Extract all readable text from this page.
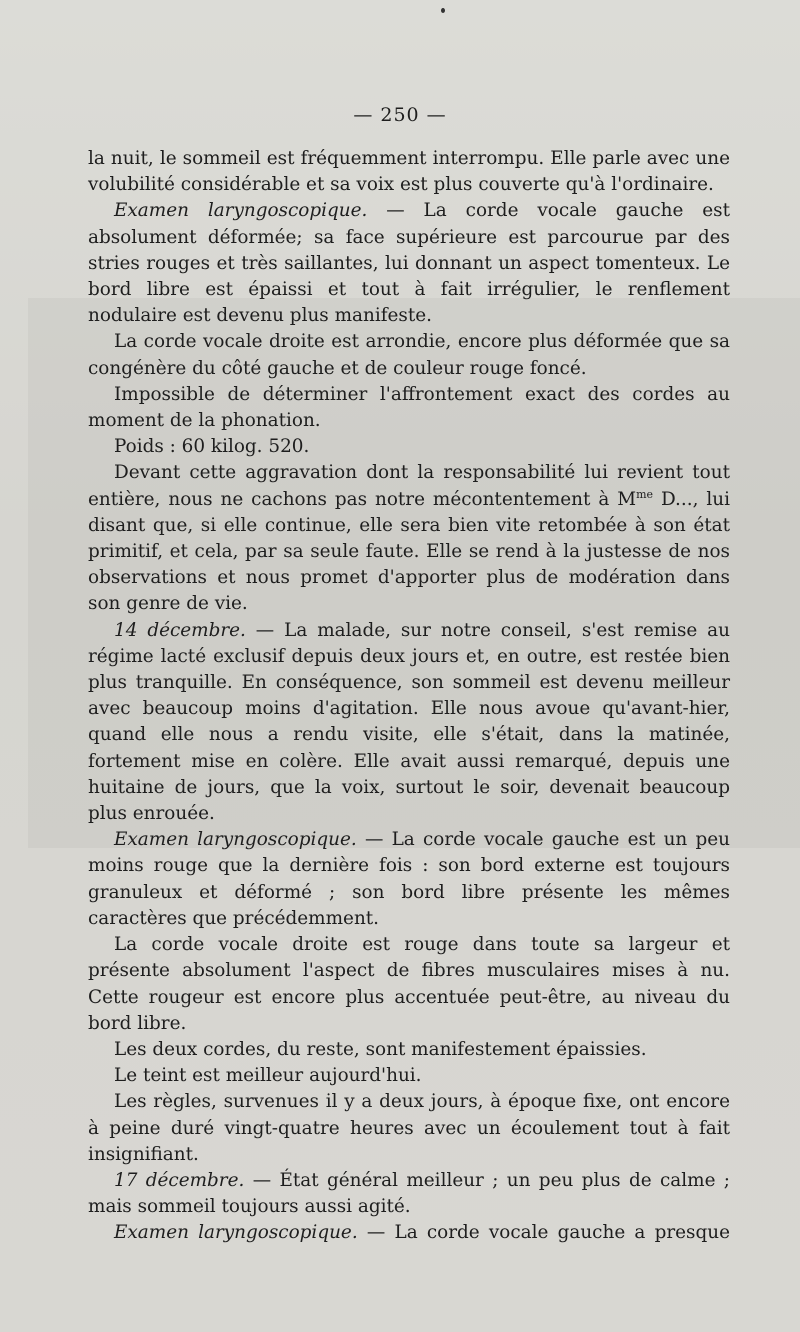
— 250 —

la nuit, le sommeil est fréquemment interrompu. Elle parle avec une volubilité considérable et sa voix est plus couverte qu'à l'ordinaire.

Examen laryngoscopique. — La corde vocale gauche est absolument déformée; sa face supérieure est parcourue par des stries rouges et très saillantes, lui donnant un aspect tomenteux. Le bord libre est épaissi et tout à fait irrégulier, le renflement nodulaire est devenu plus manifeste.

La corde vocale droite est arrondie, encore plus déformée que sa congénère du côté gauche et de couleur rouge foncé.

Impossible de déterminer l'affrontement exact des cordes au moment de la phonation.

Poids : 60 kilog. 520.

Devant cette aggravation dont la responsabilité lui revient tout entière, nous ne cachons pas notre mécontentement à $M^{me}$ D..., lui disant que, si elle continue, elle sera bien vite retombée à son état primitif, et cela, par sa seule faute. Elle se rend à la justesse de nos observations et nous promet d'apporter plus de modération dans son genre de vie.

14 décembre. — La malade, sur notre conseil, s'est remise au régime lacté exclusif depuis deux jours et, en outre, est restée bien plus tranquille. En conséquence, son sommeil est devenu meilleur avec beaucoup moins d'agitation. Elle nous avoue qu'avant-hier, quand elle nous a rendu visite, elle s'était, dans la matinée, fortement mise en colère. Elle avait aussi remarqué, depuis une huitaine de jours, que la voix, surtout le soir, devenait beaucoup plus enrouée.

Examen laryngoscopique. — La corde vocale gauche est un peu moins rouge que la dernière fois : son bord externe est toujours granuleux et déformé ; son bord libre présente les mêmes caractères que précédemment.

La corde vocale droite est rouge dans toute sa largeur et présente absolument l'aspect de fibres musculaires mises à nu. Cette rougeur est encore plus accentuée peut-être, au niveau du bord libre.

Les deux cordes, du reste, sont manifestement épaissies.

Le teint est meilleur aujourd'hui.

Les règles, survenues il y a deux jours, à époque fixe, ont encore à peine duré vingt-quatre heures avec un écoulement tout à fait insignifiant.

17 décembre. — État général meilleur ; un peu plus de calme ; mais sommeil toujours aussi agité.

Examen laryngoscopique. — La corde vocale gauche a presque
